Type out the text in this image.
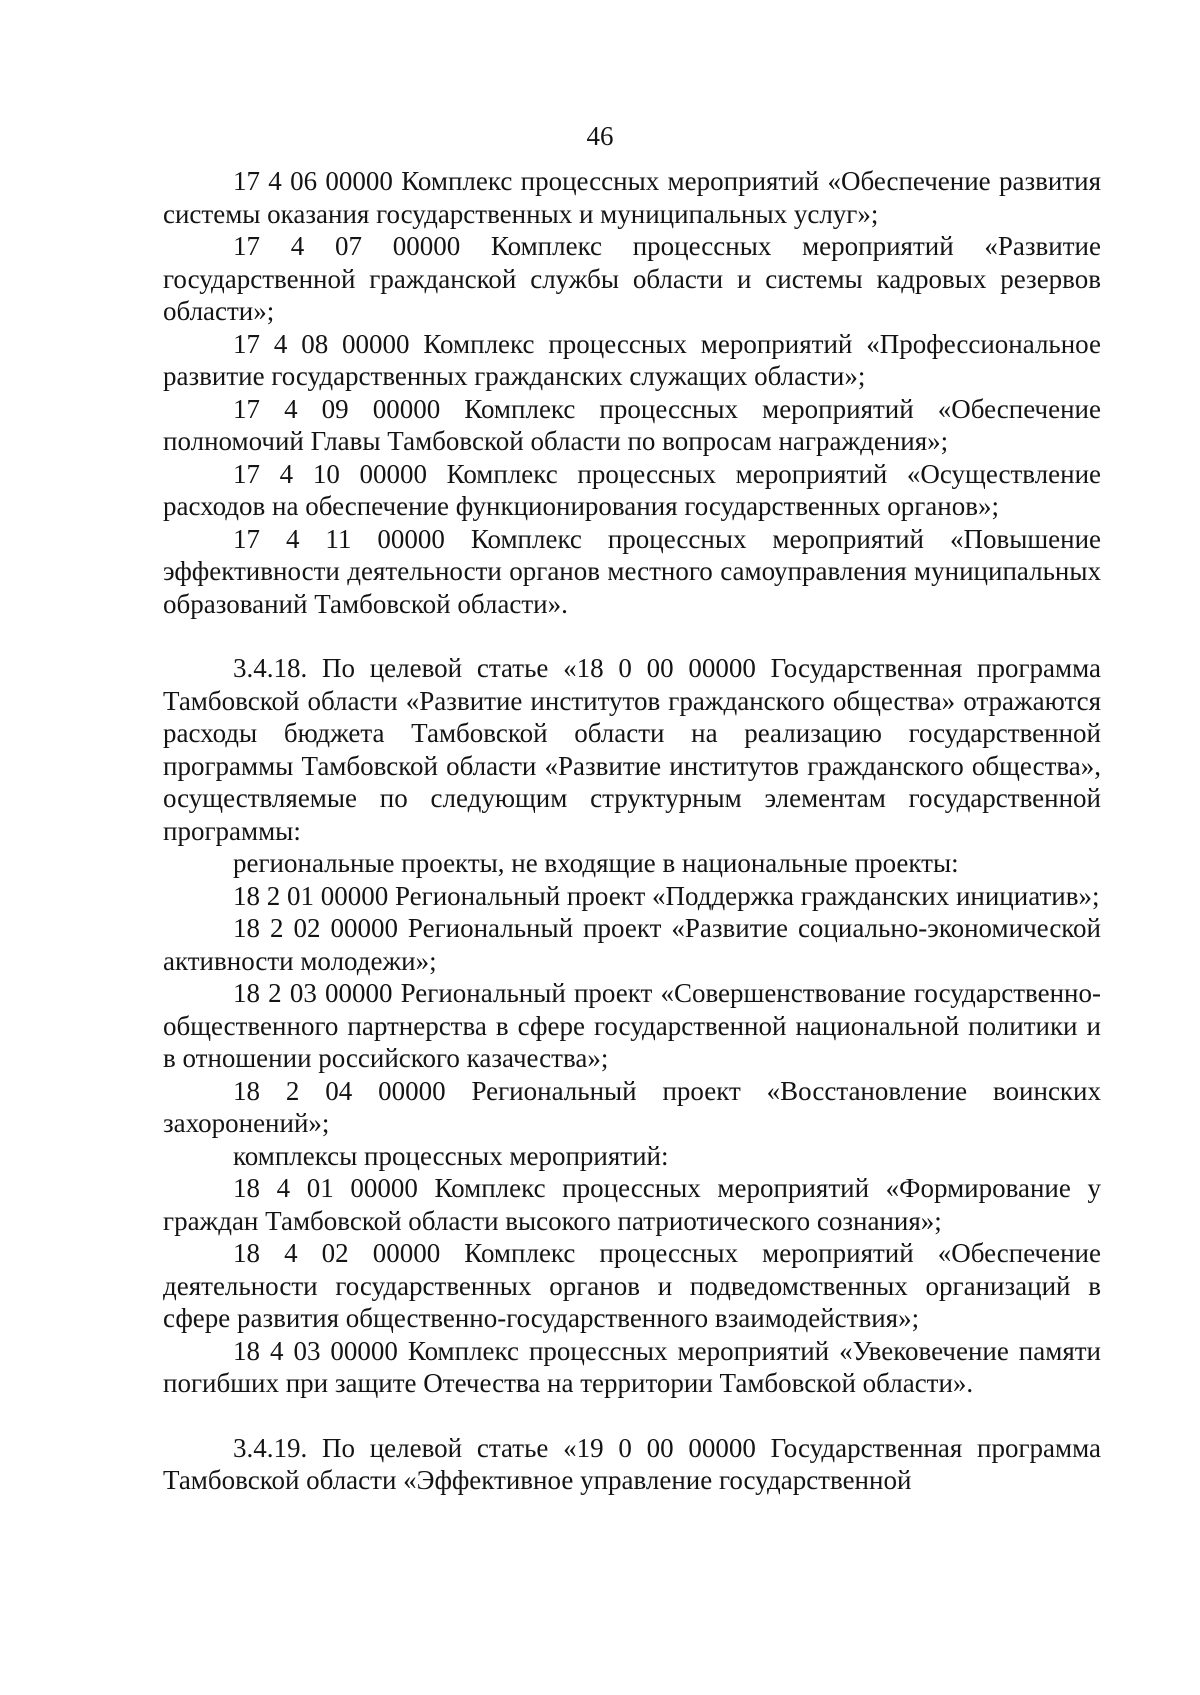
46

17 4 06 00000 Комплекс процессных мероприятий «Обеспечение развития системы оказания государственных и муниципальных услуг»;

17 4 07 00000 Комплекс процессных мероприятий «Развитие государственной гражданской службы области и системы кадровых резервов области»;

17 4 08 00000 Комплекс процессных мероприятий «Профессиональное развитие государственных гражданских служащих области»;

17 4 09 00000 Комплекс процессных мероприятий «Обеспечение полномочий Главы Тамбовской области по вопросам награждения»;

17 4 10 00000 Комплекс процессных мероприятий «Осуществление расходов на обеспечение функционирования государственных органов»;

17 4 11 00000 Комплекс процессных мероприятий «Повышение эффективности деятельности органов местного самоуправления муниципальных образований Тамбовской области».

3.4.18. По целевой статье «18 0 00 00000 Государственная программа Тамбовской области «Развитие институтов гражданского общества» отражаются расходы бюджета Тамбовской области на реализацию государственной программы Тамбовской области «Развитие институтов гражданского общества», осуществляемые по следующим структурным элементам государственной программы:

региональные проекты, не входящие в национальные проекты:

18 2 01 00000 Региональный проект «Поддержка гражданских инициатив»;

18 2 02 00000 Региональный проект «Развитие социально-экономической активности молодежи»;

18 2 03 00000 Региональный проект «Совершенствование государственно-общественного партнерства в сфере государственной национальной политики и в отношении российского казачества»;

18 2 04 00000 Региональный проект «Восстановление воинских захоронений»;

комплексы процессных мероприятий:

18 4 01 00000 Комплекс процессных мероприятий «Формирование у граждан Тамбовской области высокого патриотического сознания»;

18 4 02 00000 Комплекс процессных мероприятий «Обеспечение деятельности государственных органов и подведомственных организаций в сфере развития общественно-государственного взаимодействия»;

18 4 03 00000 Комплекс процессных мероприятий «Увековечение памяти погибших при защите Отечества на территории Тамбовской области».

3.4.19. По целевой статье «19 0 00 00000 Государственная программа Тамбовской области «Эффективное управление государственной
